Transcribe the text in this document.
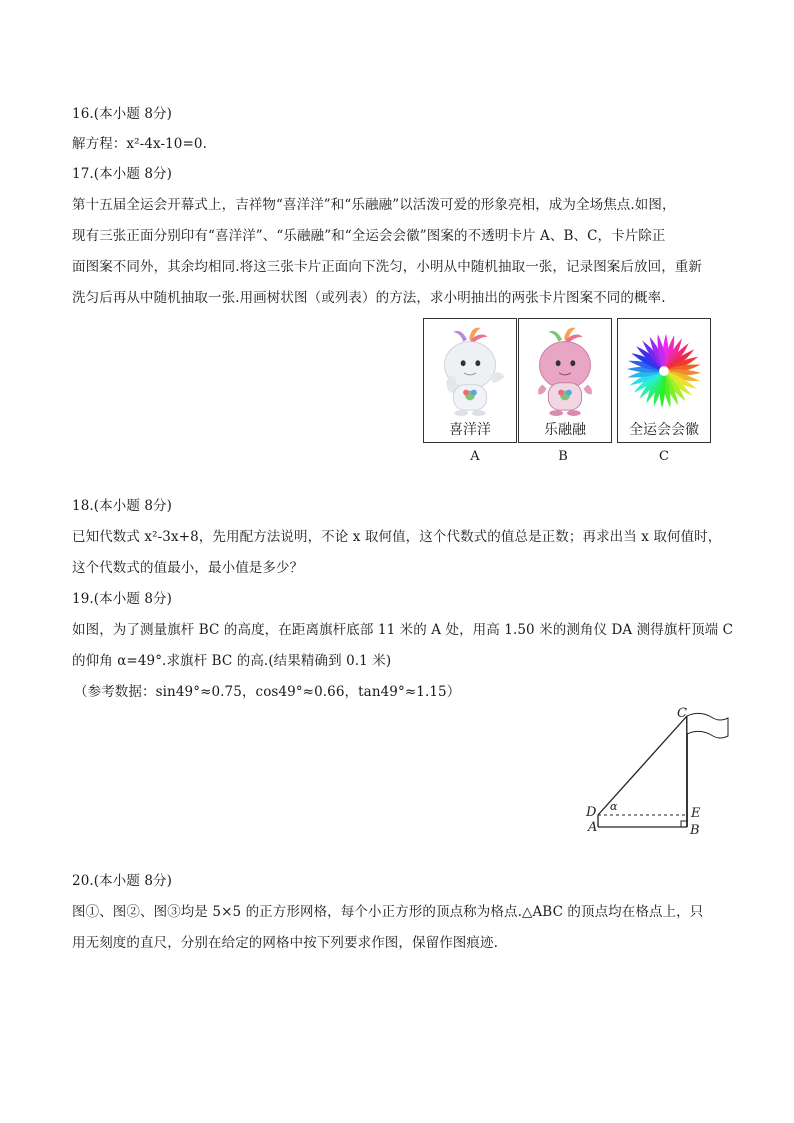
16.(本小题 8分)
解方程：x²-4x-10=0.
17.(本小题 8分)
第十五届全运会开幕式上，吉祥物“喜洋洋”和“乐融融”以活泼可爱的形象亮相，成为全场焦点.如图，
现有三张正面分别印有“喜洋洋”、“乐融融”和“全运会会徽”图案的不透明卡片 A、B、C，卡片除正
面图案不同外，其余均相同.将这三张卡片正面向下洗匀，小明从中随机抽取一张，记录图案后放回，重新
洗匀后再从中随机抽取一张.用画树状图（或列表）的方法，求小明抽出的两张卡片图案不同的概率.
喜洋洋
A
乐融融
B
全运会会徽
C
18.(本小题 8分)
已知代数式 x²-3x+8，先用配方法说明，不论 x 取何值，这个代数式的值总是正数；再求出当 x 取何值时，
这个代数式的值最小，最小值是多少？
19.(本小题 8分)
如图，为了测量旗杆 BC 的高度，在距离旗杆底部 11 米的 A 处，用高 1.50 米的测角仪 DA 测得旗杆顶端 C
的仰角 α=49°.求旗杆 BC 的高.(结果精确到 0.1 米)
（参考数据：sin49°≈0.75，cos49°≈0.66，tan49°≈1.15）
C
D α	E
A	B
20.(本小题 8分)
图①、图②、图③均是 5×5 的正方形网格，每个小正方形的顶点称为格点.△ABC 的顶点均在格点上，只
用无刻度的直尺，分别在给定的网格中按下列要求作图，保留作图痕迹.
